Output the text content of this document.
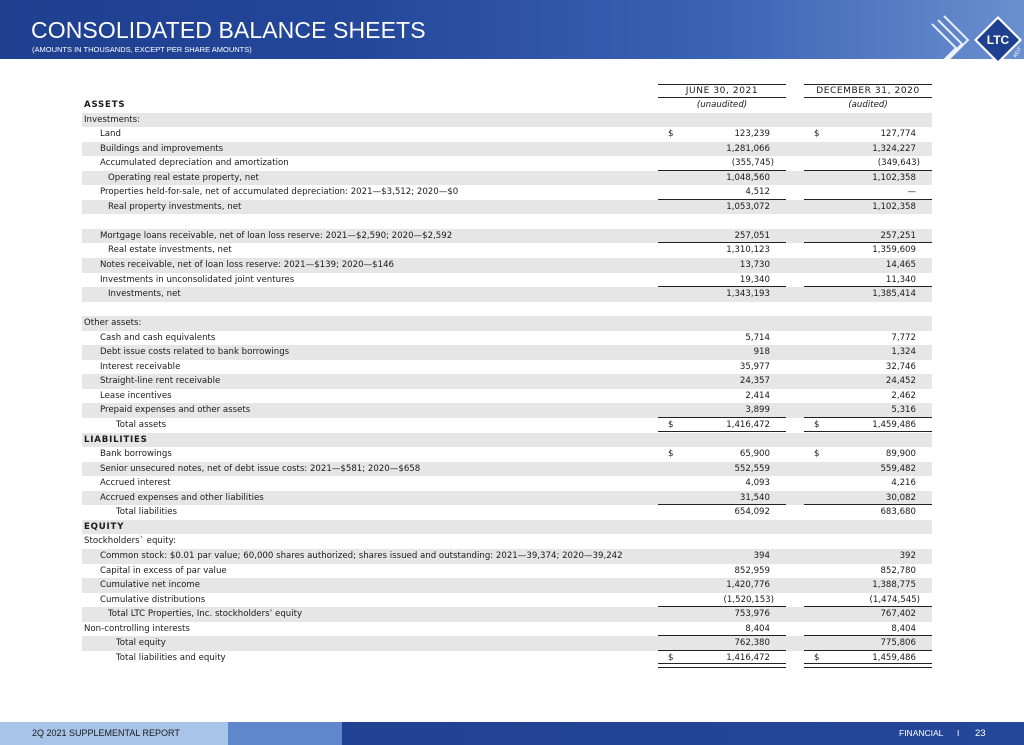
CONSOLIDATED BALANCE SHEETS
(AMOUNTS IN THOUSANDS, EXCEPT PER SHARE AMOUNTS)
LTC
REIT
JUNE 30, 2021	DECEMBER 31, 2020
ASSETS	(unaudited)	(audited)
Investments:
Land	$	123,239	$	127,774
Buildings and improvements	1,281,066	1,324,227
Accumulated depreciation and amortization	(355,745)	(349,643)
Operating real estate property, net	1,048,560	1,102,358
Properties held-for-sale, net of accumulated depreciation: 2021—$3,512; 2020—$0	4,512	—
Real property investments, net	1,053,072	1,102,358
Mortgage loans receivable, net of loan loss reserve: 2021—$2,590; 2020—$2,592	257,051	257,251
Real estate investments, net	1,310,123	1,359,609
Notes receivable, net of loan loss reserve: 2021—$139; 2020—$146	13,730	14,465
Investments in unconsolidated joint ventures	19,340	11,340
Investments, net	1,343,193	1,385,414
Other assets:
Cash and cash equivalents	5,714	7,772
Debt issue costs related to bank borrowings	918	1,324
Interest receivable	35,977	32,746
Straight-line rent receivable	24,357	24,452
Lease incentives	2,414	2,462
Prepaid expenses and other assets	3,899	5,316
Total assets	$	1,416,472	$	1,459,486
LIABILITIES
Bank borrowings	$	65,900	$	89,900
Senior unsecured notes, net of debt issue costs: 2021—$581; 2020—$658	552,559	559,482
Accrued interest	4,093	4,216
Accrued expenses and other liabilities	31,540	30,082
Total liabilities	654,092	683,680
EQUITY
Stockholders` equity:
Common stock: $0.01 par value; 60,000 shares authorized; shares issued and outstanding: 2021—39,374; 2020—39,242	394	392
Capital in excess of par value	852,959	852,780
Cumulative net income	1,420,776	1,388,775
Cumulative distributions	(1,520,153)	(1,474,545)
Total LTC Properties, Inc. stockholders’ equity	753,976	767,402
Non-controlling interests	8,404	8,404
Total equity	762,380	775,806
Total liabilities and equity	$	1,416,472	$	1,459,486
2Q 2021 SUPPLEMENTAL REPORT	FINANCIAL I 23
